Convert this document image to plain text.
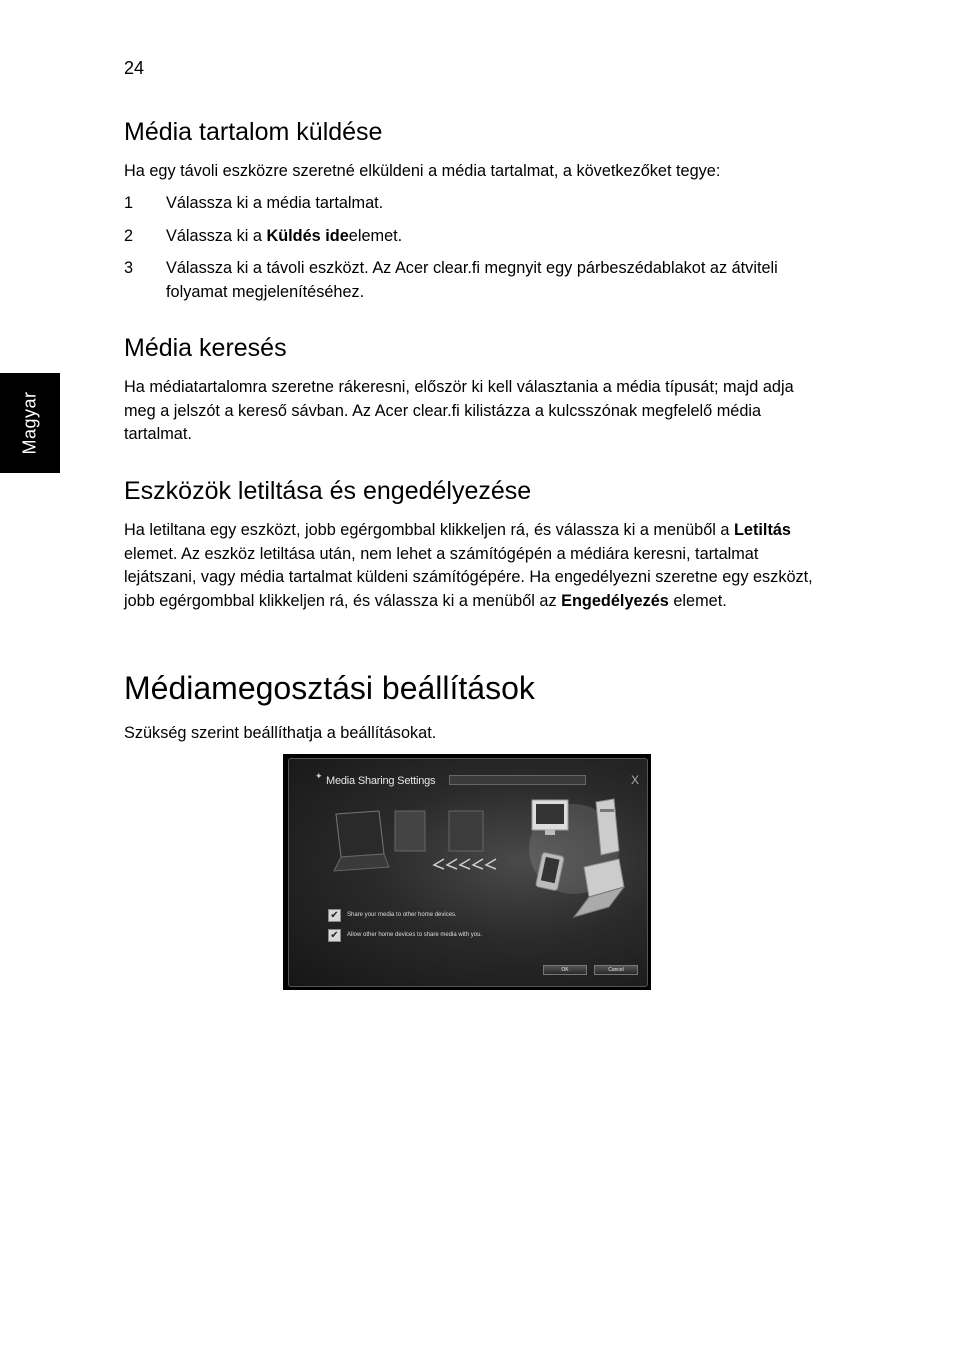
24
Magyar
Média tartalom küldése

Ha egy távoli eszközre szeretné elküldeni a média tartalmat, a következőket tegye:

1 Válassza ki a média tartalmat.
2 Válassza ki a Küldés ideelemet.
3 Válassza ki a távoli eszközt. Az Acer clear.fi megnyit egy párbeszédablakot az átviteli folyamat megjelenítéséhez.
Média keresés

Ha médiatartalomra szeretne rákeresni, először ki kell választania a média típusát; majd adja meg a jelszót a kereső sávban. Az Acer clear.fi kilistázza a kulcsszónak megfelelő média tartalmat.

Eszközök letiltása és engedélyezése

Ha letiltana egy eszközt, jobb egérgombbal klikkeljen rá, és válassza ki a menüből a Letiltás elemet. Az eszköz letiltása után, nem lehet a számítógépén a médiára keresni, tartalmat lejátszani, vagy média tartalmat küldeni számítógépére. Ha engedélyezni szeretne egy eszközt, jobb egérgombbal klikkeljen rá, és válassza ki a menüből az Engedélyezés elemet.

Médiamegosztási beállítások

Szükség szerint beállíthatja a beállításokat.

✦ Media Sharing Settings	X
✔	Share your media to other home devices.
✔	Allow other home devices to share media with you.
OK	Cancel
